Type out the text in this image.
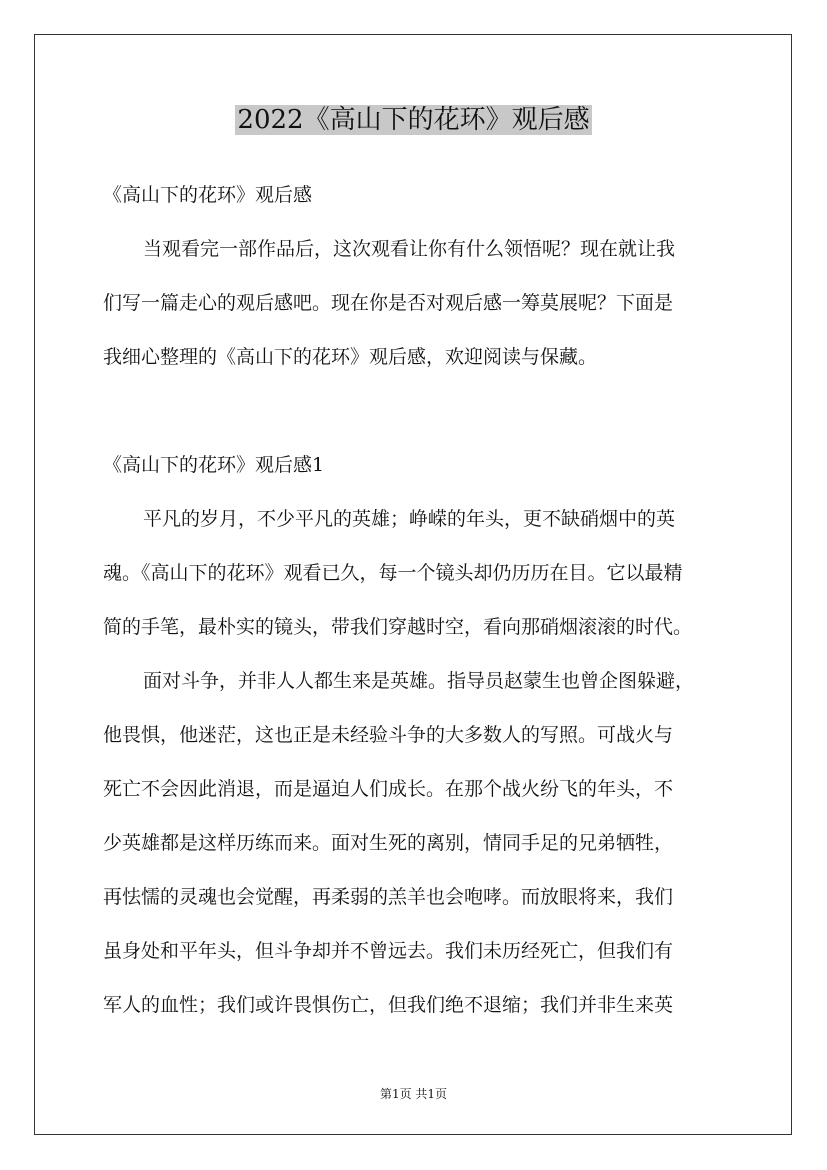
2022《高山下的花环》观后感
《高山下的花环》观后感
当观看完一部作品后，这次观看让你有什么领悟呢？现在就让我
们写一篇走心的观后感吧。现在你是否对观后感一筹莫展呢？下面是
我细心整理的《高山下的花环》观后感，欢迎阅读与保藏。
《高山下的花环》观后感1
平凡的岁月，不少平凡的英雄；峥嵘的年头，更不缺硝烟中的英
魂。《高山下的花环》观看已久，每一个镜头却仍历历在目。它以最精
简的手笔，最朴实的镜头，带我们穿越时空，看向那硝烟滚滚的时代。
面对斗争，并非人人都生来是英雄。指导员赵蒙生也曾企图躲避，
他畏惧，他迷茫，这也正是未经验斗争的大多数人的写照。可战火与
死亡不会因此消退，而是逼迫人们成长。在那个战火纷飞的年头，不
少英雄都是这样历练而来。面对生死的离别，情同手足的兄弟牺牲，
再怯懦的灵魂也会觉醒，再柔弱的羔羊也会咆哮。而放眼将来，我们
虽身处和平年头，但斗争却并不曾远去。我们未历经死亡，但我们有
军人的血性；我们或许畏惧伤亡，但我们绝不退缩；我们并非生来英
第1页 共1页
